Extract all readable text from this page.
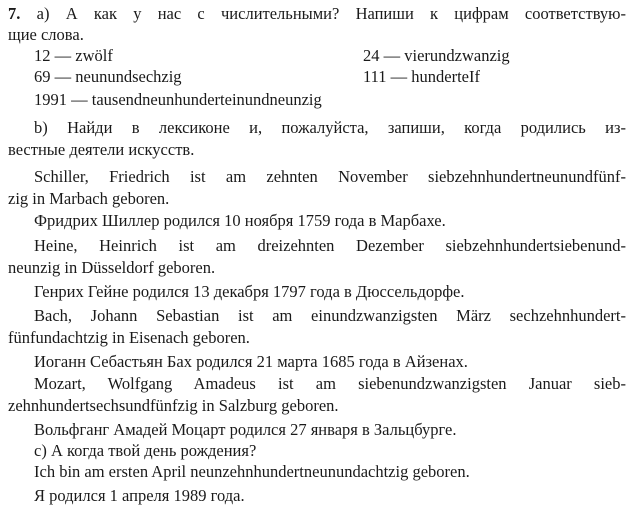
7. а) А как у нас с числительными? Напиши к цифрам соответствую-
щие слова.
12 — zwölf	24 — vierundzwanzig
69 — neunundsechzig	111 — hunderteIf
1991 — tausendneunhunderteinundneunzig
b) Найди в лексиконе и, пожалуйста, запиши, когда родились из-
вестные деятели искусств.
Schiller, Friedrich ist am zehnten November siebzehnhundertneunundfünf-
zig in Marbach geboren.
Фридрих Шиллер родился 10 ноября 1759 года в Марбахе.
Heine, Heinrich ist am dreizehnten Dezember siebzehnhundertsiebenund-
neunzig in Düsseldorf geboren.
Генрих Гейне родился 13 декабря 1797 года в Дюссельдорфе.
Bach, Johann Sebastian ist am einundzwanzigsten März sechzehnhundert-
fünfundachtzig in Eisenach geboren.
Иоганн Себастьян Бах родился 21 марта 1685 года в Айзенах.
Mozart, Wolfgang Amadeus ist am siebenundzwanzigsten Januar sieb-
zehnhundertsechsundfünfzig in Salzburg geboren.
Вольфганг Амадей Моцарт родился 27 января в Зальцбурге.
с) А когда твой день рождения?
Ich bin am ersten April neunzehnhundertneunundachtzig geboren.
Я родился 1 апреля 1989 года.
